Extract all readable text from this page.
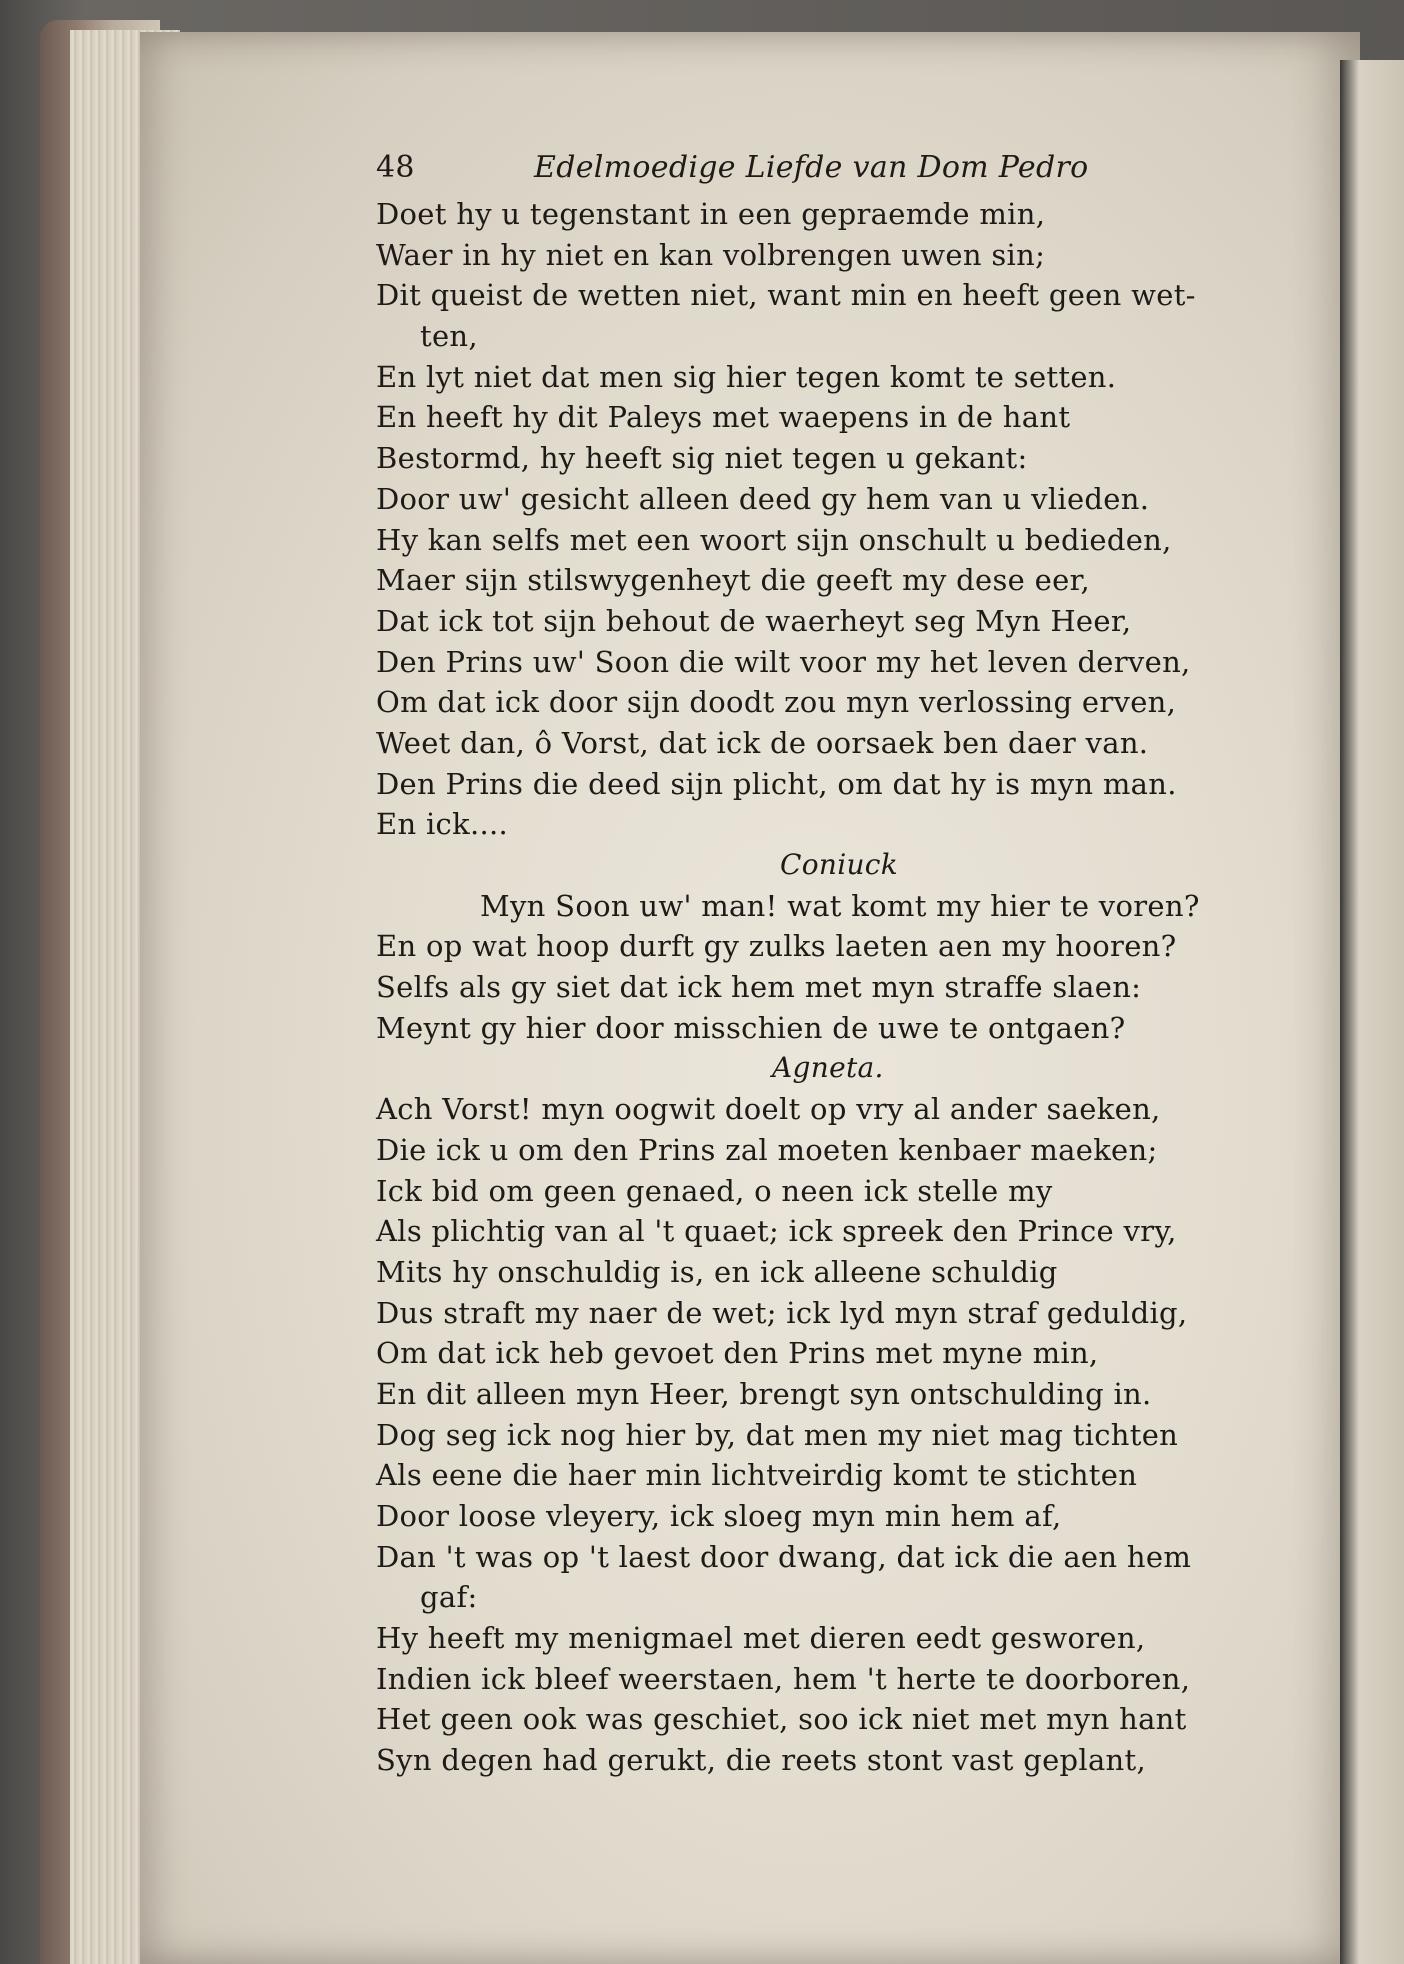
48	Edelmoedige Liefde van Dom Pedro
Doet hy u tegenstant in een gepraemde min,
Waer in hy niet en kan volbrengen uwen sin;
Dit queist de wetten niet, want min en heeft geen wet-
ten,
En lyt niet dat men sig hier tegen komt te setten.
En heeft hy dit Paleys met waepens in de hant
Bestormd, hy heeft sig niet tegen u gekant:
Door uw' gesicht alleen deed gy hem van u vlieden.
Hy kan selfs met een woort sijn onschult u bedieden,
Maer sijn stilswygenheyt die geeft my dese eer,
Dat ick tot sijn behout de waerheyt seg Myn Heer,
Den Prins uw' Soon die wilt voor my het leven derven,
Om dat ick door sijn doodt zou myn verlossing erven,
Weet dan, ô Vorst, dat ick de oorsaek ben daer van.
Den Prins die deed sijn plicht, om dat hy is myn man.
En ick....
Coniuck
Myn Soon uw' man! wat komt my hier te voren?
En op wat hoop durft gy zulks laeten aen my hooren?
Selfs als gy siet dat ick hem met myn straffe slaen:
Meynt gy hier door misschien de uwe te ontgaen?
Agneta.
Ach Vorst! myn oogwit doelt op vry al ander saeken,
Die ick u om den Prins zal moeten kenbaer maeken;
Ick bid om geen genaed, o neen ick stelle my
Als plichtig van al 't quaet; ick spreek den Prince vry,
Mits hy onschuldig is, en ick alleene schuldig
Dus straft my naer de wet; ick lyd myn straf geduldig,
Om dat ick heb gevoet den Prins met myne min,
En dit alleen myn Heer, brengt syn ontschulding in.
Dog seg ick nog hier by, dat men my niet mag tichten
Als eene die haer min lichtveirdig komt te stichten
Door loose vleyery, ick sloeg myn min hem af,
Dan 't was op 't laest door dwang, dat ick die aen hem
gaf:
Hy heeft my menigmael met dieren eedt gesworen,
Indien ick bleef weerstaen, hem 't herte te doorboren,
Het geen ook was geschiet, soo ick niet met myn hant
Syn degen had gerukt, die reets stont vast geplant,
